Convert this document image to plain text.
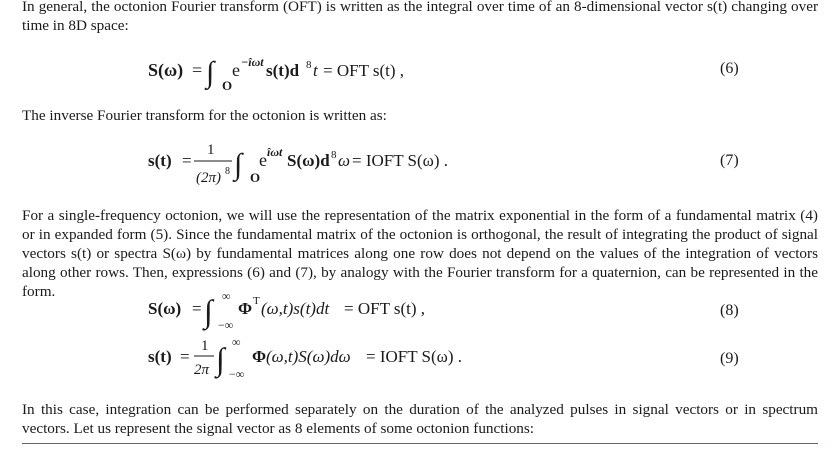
In general, the octonion Fourier transform (OFT) is written as the integral over time of an 8-dimensional vector s(t) changing over time in 8D space:
S(ω) = ∫ O
e −îωt s(t)d 8 t = OFT s(t) ,	(6)
The inverse Fourier transform for the octonion is written as:
s(t) =
1
(2π) 8 ∫ O
e îωt S(ω)d 8 ω = IOFT S(ω) .	(7)
For a single-frequency octonion, we will use the representation of the matrix exponential in the form of a fundamental matrix (4) or in expanded form (5). Since the fundamental matrix of the octonion is orthogonal, the result of integrating the product of signal vectors s(t) or spectra S(ω) by fundamental matrices along one row does not depend on the values of the integration of vectors along other rows. Then, expressions (6) and (7), by analogy with the Fourier transform for a quaternion, can be represented in the form.
S(ω) = ∫ ∞
−∞
Φ T (ω,t)s(t)dt = OFT s(t) ,	(8)
s(t) =
1
2π ∫ ∞
−∞
Φ (ω,t)S(ω)dω = IOFT S(ω) .	(9)
In this case, integration can be performed separately on the duration of the analyzed pulses in signal vectors or in spectrum vectors. Let us represent the signal vector as 8 elements of some octonion functions:
